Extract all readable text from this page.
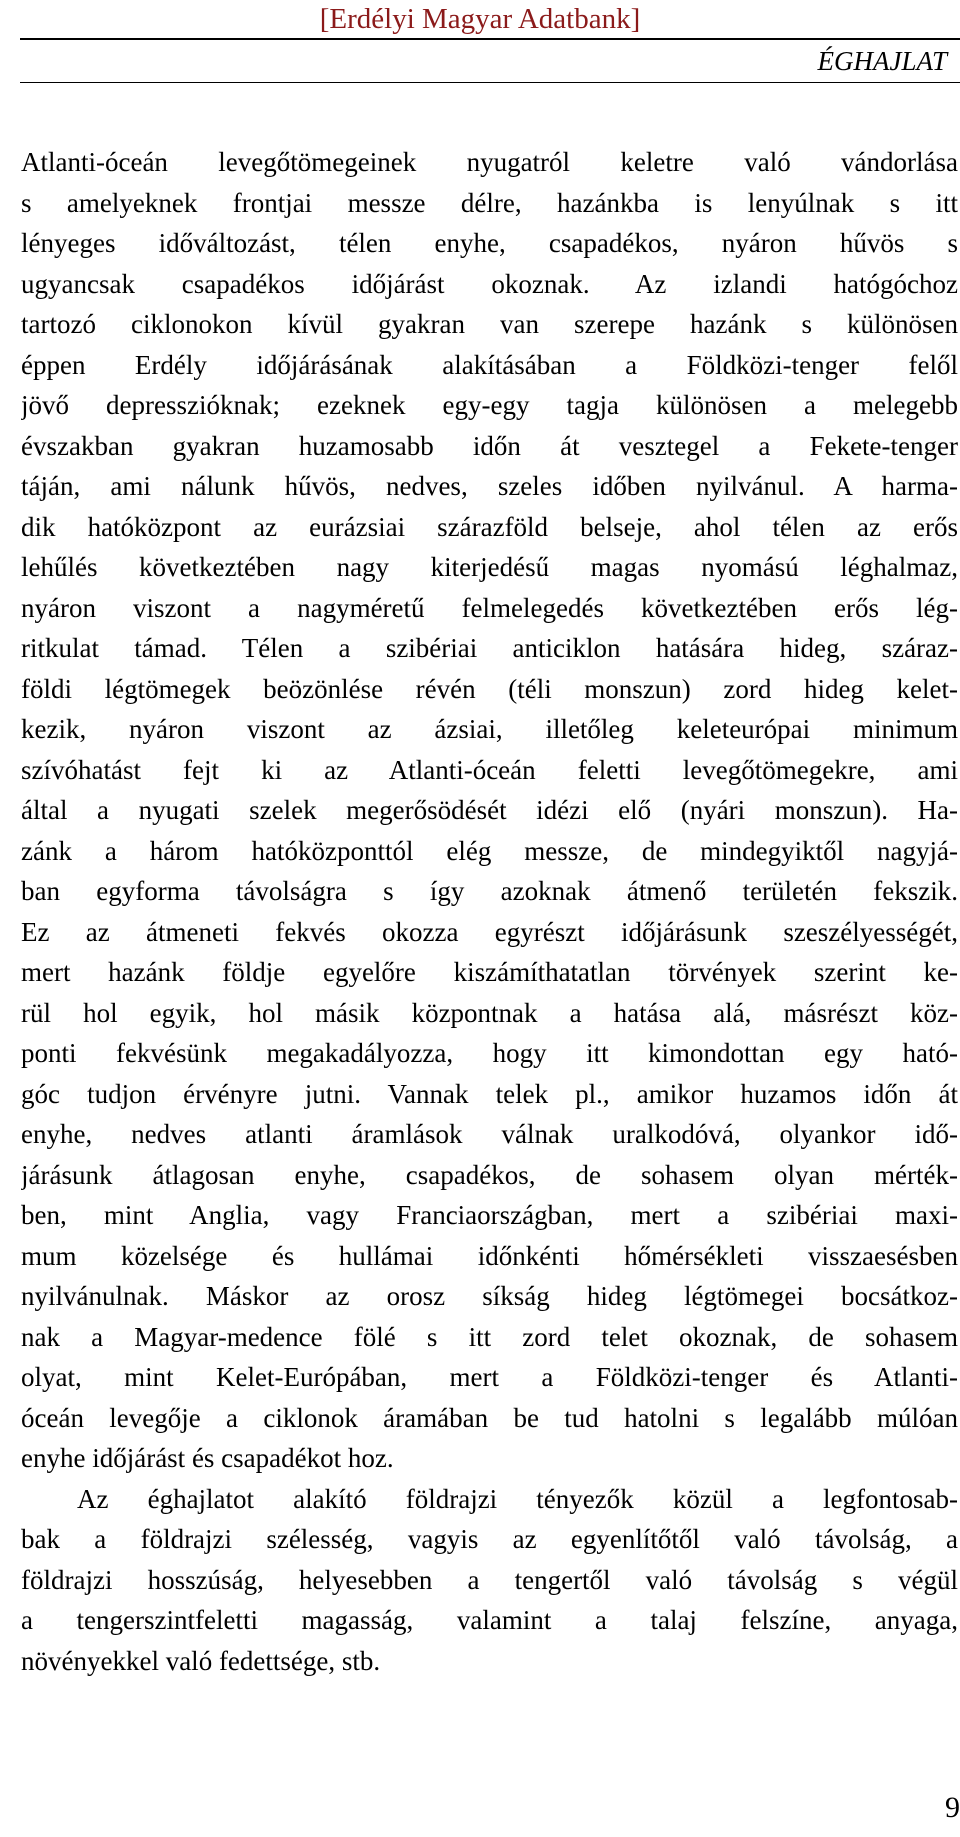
[Erdélyi Magyar Adatbank]
ÉGHAJLAT
Atlanti-óceán levegőtömegeinek nyugatról keletre való vándorlása
s amelyeknek frontjai messze délre, hazánkba is lenyúlnak s itt
lényeges időváltozást, télen enyhe, csapadékos, nyáron hűvös s
ugyancsak csapadékos időjárást okoznak. Az izlandi hatógóchoz
tartozó ciklonokon kívül gyakran van szerepe hazánk s különösen
éppen Erdély időjárásának alakításában a Földközi-tenger felől
jövő depresszióknak; ezeknek egy-egy tagja különösen a melegebb
évszakban gyakran huzamosabb időn át vesztegel a Fekete-tenger
táján, ami nálunk hűvös, nedves, szeles időben nyilvánul. A harma-
dik hatóközpont az eurázsiai szárazföld belseje, ahol télen az erős
lehűlés következtében nagy kiterjedésű magas nyomású léghalmaz,
nyáron viszont a nagyméretű felmelegedés következtében erős lég-
ritkulat támad. Télen a szibériai anticiklon hatására hideg, száraz-
földi légtömegek beözönlése révén (téli monszun) zord hideg kelet-
kezik, nyáron viszont az ázsiai, illetőleg keleteurópai minimum
szívóhatást fejt ki az Atlanti-óceán feletti levegőtömegekre, ami
által a nyugati szelek megerősödését idézi elő (nyári monszun). Ha-
zánk a három hatóközponttól elég messze, de mindegyiktől nagyjá-
ban egyforma távolságra s így azoknak átmenő területén fekszik.
Ez az átmeneti fekvés okozza egyrészt időjárásunk szeszélyességét,
mert hazánk földje egyelőre kiszámíthatatlan törvények szerint ke-
rül hol egyik, hol másik központnak a hatása alá, másrészt köz-
ponti fekvésünk megakadályozza, hogy itt kimondottan egy ható-
góc tudjon érvényre jutni. Vannak telek pl., amikor huzamos időn át
enyhe, nedves atlanti áramlások válnak uralkodóvá, olyankor idő-
járásunk átlagosan enyhe, csapadékos, de sohasem olyan mérték-
ben, mint Anglia, vagy Franciaországban, mert a szibériai maxi-
mum közelsége és hullámai időnkénti hőmérsékleti visszaesésben
nyilvánulnak. Máskor az orosz síkság hideg légtömegei bocsátkoz-
nak a Magyar-medence fölé s itt zord telet okoznak, de sohasem
olyat, mint Kelet-Európában, mert a Földközi-tenger és Atlanti-
óceán levegője a ciklonok áramában be tud hatolni s legalább múlóan
enyhe időjárást és csapadékot hoz.
Az éghajlatot alakító földrajzi tényezők közül a legfontosab-
bak a földrajzi szélesség, vagyis az egyenlítőtől való távolság, a
földrajzi hosszúság, helyesebben a tengertől való távolság s végül
a tengerszintfeletti magasság, valamint a talaj felszíne, anyaga,
növényekkel való fedettsége, stb.
9
